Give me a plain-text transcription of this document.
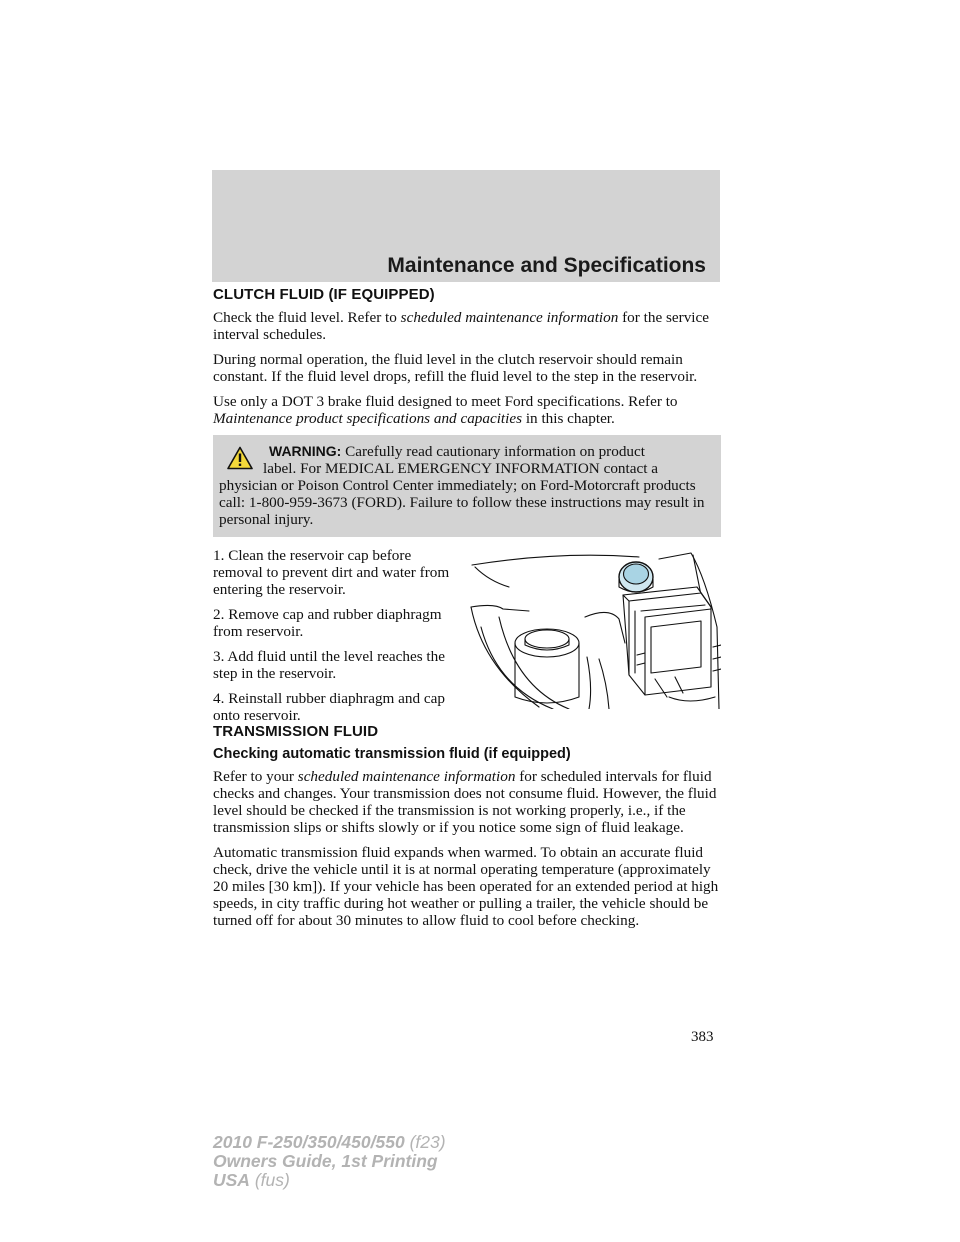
Maintenance and Specifications
CLUTCH FLUID (IF EQUIPPED)

Check the fluid level. Refer to scheduled maintenance information for the service interval schedules.

During normal operation, the fluid level in the clutch reservoir should remain constant. If the fluid level drops, refill the fluid level to the step in the reservoir.

Use only a DOT 3 brake fluid designed to meet Ford specifications. Refer to Maintenance product specifications and capacities in this chapter.

WARNING: Carefully read cautionary information on product
label. For MEDICAL EMERGENCY INFORMATION contact a physician or Poison Control Center immediately; on Ford-Motorcraft products call: 1-800-959-3673 (FORD). Failure to follow these instructions may result in personal injury.

1. Clean the reservoir cap before removal to prevent dirt and water from entering the reservoir.

2. Remove cap and rubber diaphragm from reservoir.

3. Add fluid until the level reaches the step in the reservoir.

4. Reinstall rubber diaphragm and cap onto reservoir.

TRANSMISSION FLUID
Checking automatic transmission fluid (if equipped)

Refer to your scheduled maintenance information for scheduled intervals for fluid checks and changes. Your transmission does not consume fluid. However, the fluid level should be checked if the transmission is not working properly, i.e., if the transmission slips or shifts slowly or if you notice some sign of fluid leakage.

Automatic transmission fluid expands when warmed. To obtain an accurate fluid check, drive the vehicle until it is at normal operating temperature (approximately 20 miles [30 km]). If your vehicle has been operated for an extended period at high speeds, in city traffic during hot weather or pulling a trailer, the vehicle should be turned off for about 30 minutes to allow fluid to cool before checking.

383
2010 F-250/350/450/550 (f23)
Owners Guide, 1st Printing
USA (fus)
